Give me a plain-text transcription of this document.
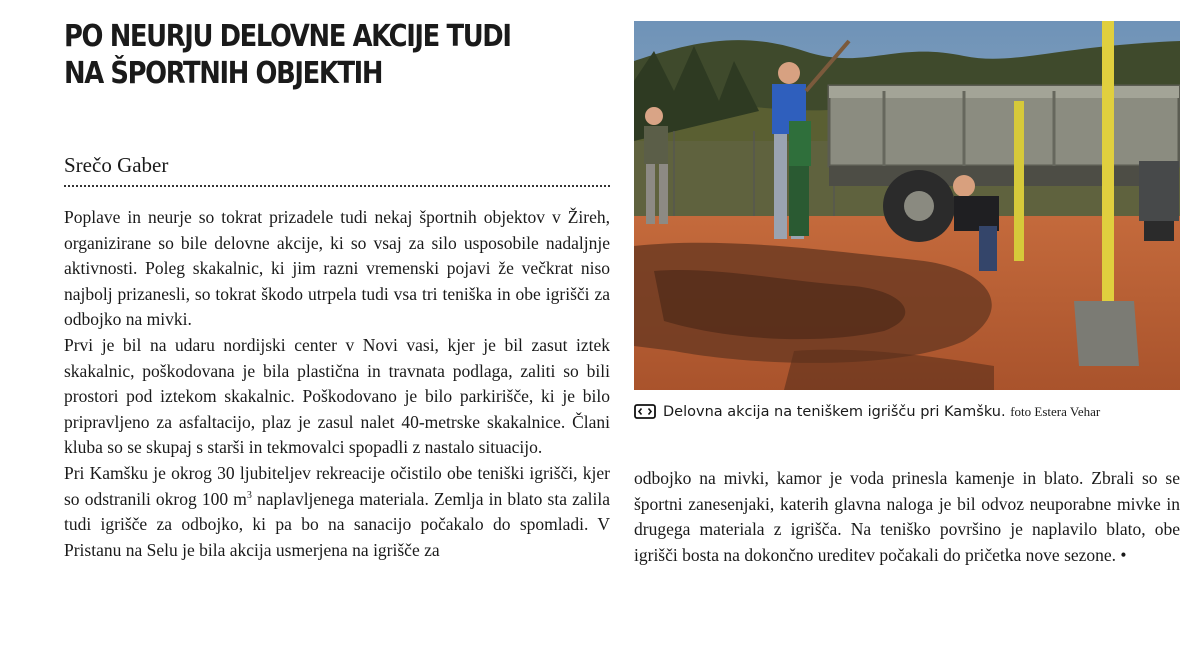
PO NEURJU DELOVNE AKCIJE TUDI NA ŠPORTNIH OBJEKTIH
Srečo Gaber

Poplave in neurje so tokrat prizadele tudi nekaj športnih objektov v Žireh, organizirane so bile delovne akcije, ki so vsaj za silo usposobile nadaljnje aktivnosti. Poleg skakalnic, ki jim razni vremenski pojavi že večkrat niso najbolj prizanesli, so tokrat škodo utrpela tudi vsa tri teniška in obe igrišči za odbojko na mivki.

Prvi je bil na udaru nordijski center v Novi vasi, kjer je bil zasut iztek skakalnic, poškodovana je bila plastična in travnata podlaga, zaliti so bili prostori pod iztekom skakalnic. Poškodovano je bilo parkirišče, ki je bilo pripravljeno za asfaltacijo, plaz je zasul nalet 40-metrske skakalnice. Člani kluba so se skupaj s starši in tekmovalci spopadli z nastalo situacijo.

Pri Kamšku je okrog 30 ljubiteljev rekreacije očistilo obe teniški igrišči, kjer so odstranili okrog 100 $m^3$ naplavljenega materiala. Zemlja in blato sta zalila tudi igrišče za odbojko, ki pa bo na sanacijo počakalo do spomladi. V Pristanu na Selu je bila akcija usmerjena na igrišče za

Delovna akcija na teniškem igrišču pri Kamšku. foto Estera Vehar

odbojko na mivki, kamor je voda prinesla kamenje in blato. Zbrali so se športni zanesenjaki, katerih glavna naloga je bil odvoz neuporabne mivke in drugega materiala z igrišča. Na teniško površino je naplavilo blato, obe igrišči bosta na dokončno ureditev počakali do pričetka nove sezone. •
